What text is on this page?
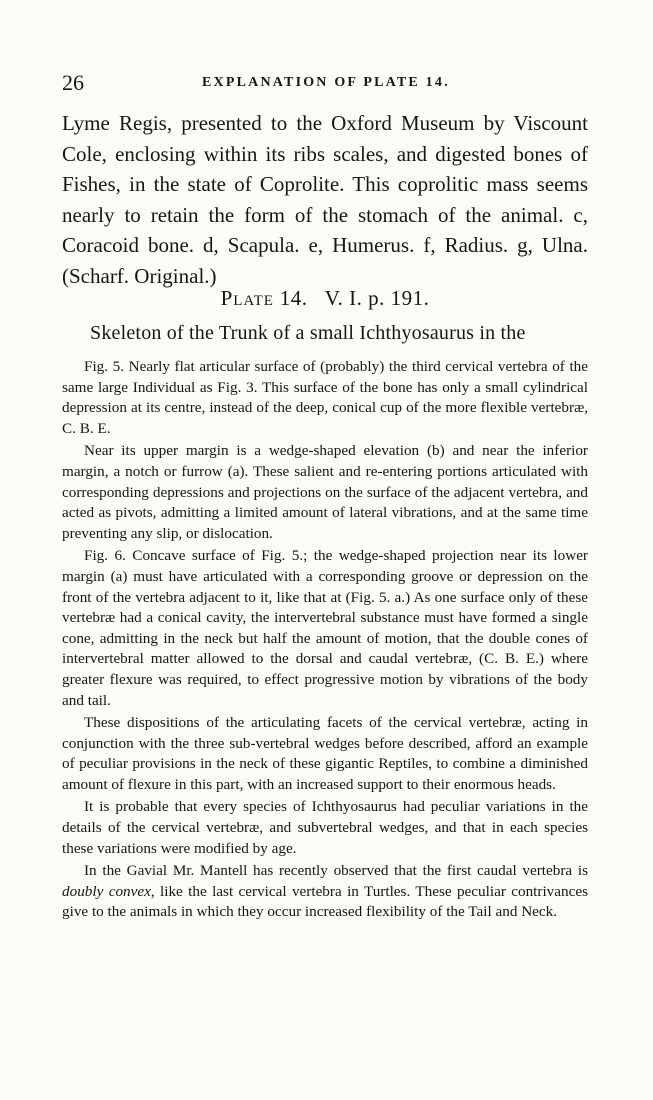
26	EXPLANATION OF PLATE 14.

Lyme Regis, presented to the Oxford Museum by Viscount Cole, enclosing within its ribs scales, and digested bones of Fishes, in the state of Coprolite. This coprolitic mass seems nearly to retain the form of the stomach of the animal. c, Coracoid bone. d, Scapula. e, Humerus. f, Radius. g, Ulna. (Scharf. Original.)

Plate 14. V. I. p. 191.
Skeleton of the Trunk of a small Ichthyosaurus in the

Fig. 5. Nearly flat articular surface of (probably) the third cervical vertebra of the same large Individual as Fig. 3. This surface of the bone has only a small cylindrical depression at its centre, instead of the deep, conical cup of the more flexible vertebræ, C. B. E.

Near its upper margin is a wedge-shaped elevation (b) and near the inferior margin, a notch or furrow (a). These salient and re-entering portions articulated with corresponding depressions and projections on the surface of the adjacent vertebra, and acted as pivots, admitting a limited amount of lateral vibrations, and at the same time preventing any slip, or dislocation.

Fig. 6. Concave surface of Fig. 5.; the wedge-shaped projection near its lower margin (a) must have articulated with a corresponding groove or depression on the front of the vertebra adjacent to it, like that at (Fig. 5. a.) As one surface only of these vertebræ had a conical cavity, the intervertebral substance must have formed a single cone, admitting in the neck but half the amount of motion, that the double cones of intervertebral matter allowed to the dorsal and caudal vertebræ, (C. B. E.) where greater flexure was required, to effect progressive motion by vibrations of the body and tail.

These dispositions of the articulating facets of the cervical vertebræ, acting in conjunction with the three sub-vertebral wedges before described, afford an example of peculiar provisions in the neck of these gigantic Reptiles, to combine a diminished amount of flexure in this part, with an increased support to their enormous heads.

It is probable that every species of Ichthyosaurus had peculiar variations in the details of the cervical vertebræ, and subvertebral wedges, and that in each species these variations were modified by age.

In the Gavial Mr. Mantell has recently observed that the first caudal vertebra is doubly convex, like the last cervical vertebra in Turtles. These peculiar contrivances give to the animals in which they occur increased flexibility of the Tail and Neck.
